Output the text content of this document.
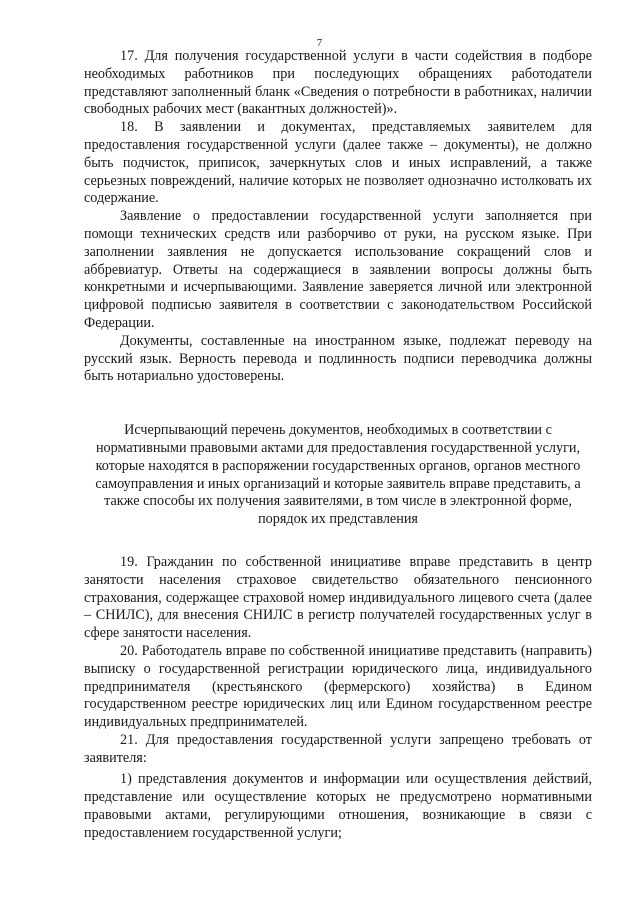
7

17. Для получения государственной услуги в части содействия в подборе необходимых работников при последующих обращениях работодатели представляют заполненный бланк «Сведения о потребности в работниках, наличии свободных рабочих мест (вакантных должностей)».

18. В заявлении и документах, представляемых заявителем для предоставления государственной услуги (далее также – документы), не должно быть подчисток, приписок, зачеркнутых слов и иных исправлений, а также серьезных повреждений, наличие которых не позволяет однозначно истолковать их содержание.

Заявление о предоставлении государственной услуги заполняется при помощи технических средств или разборчиво от руки, на русском языке. При заполнении заявления не допускается использование сокращений слов и аббревиатур. Ответы на содержащиеся в заявлении вопросы должны быть конкретными и исчерпывающими. Заявление заверяется личной или электронной цифровой подписью заявителя в соответствии с законодательством Российской Федерации.

Документы, составленные на иностранном языке, подлежат переводу на русский язык. Верность перевода и подлинность подписи переводчика должны быть нотариально удостоверены.

Исчерпывающий перечень документов, необходимых в соответствии с нормативными правовыми актами для предоставления государственной услуги, которые находятся в распоряжении государственных органов, органов местного самоуправления и иных организаций и которые заявитель вправе представить, а также способы их получения заявителями, в том числе в электронной форме, порядок их представления

19. Гражданин по собственной инициативе вправе представить в центр занятости населения страховое свидетельство обязательного пенсионного страхования, содержащее страховой номер индивидуального лицевого счета (далее – СНИЛС), для внесения СНИЛС в регистр получателей государственных услуг в сфере занятости населения.

20. Работодатель вправе по собственной инициативе представить (направить) выписку о государственной регистрации юридического лица, индивидуального предпринимателя (крестьянского (фермерского) хозяйства) в Едином государственном реестре юридических лиц или Едином государственном реестре индивидуальных предпринимателей.

21. Для предоставления государственной услуги запрещено требовать от заявителя:

1) представления документов и информации или осуществления действий, представление или осуществление которых не предусмотрено нормативными правовыми актами, регулирующими отношения, возникающие в связи с предоставлением государственной услуги;
